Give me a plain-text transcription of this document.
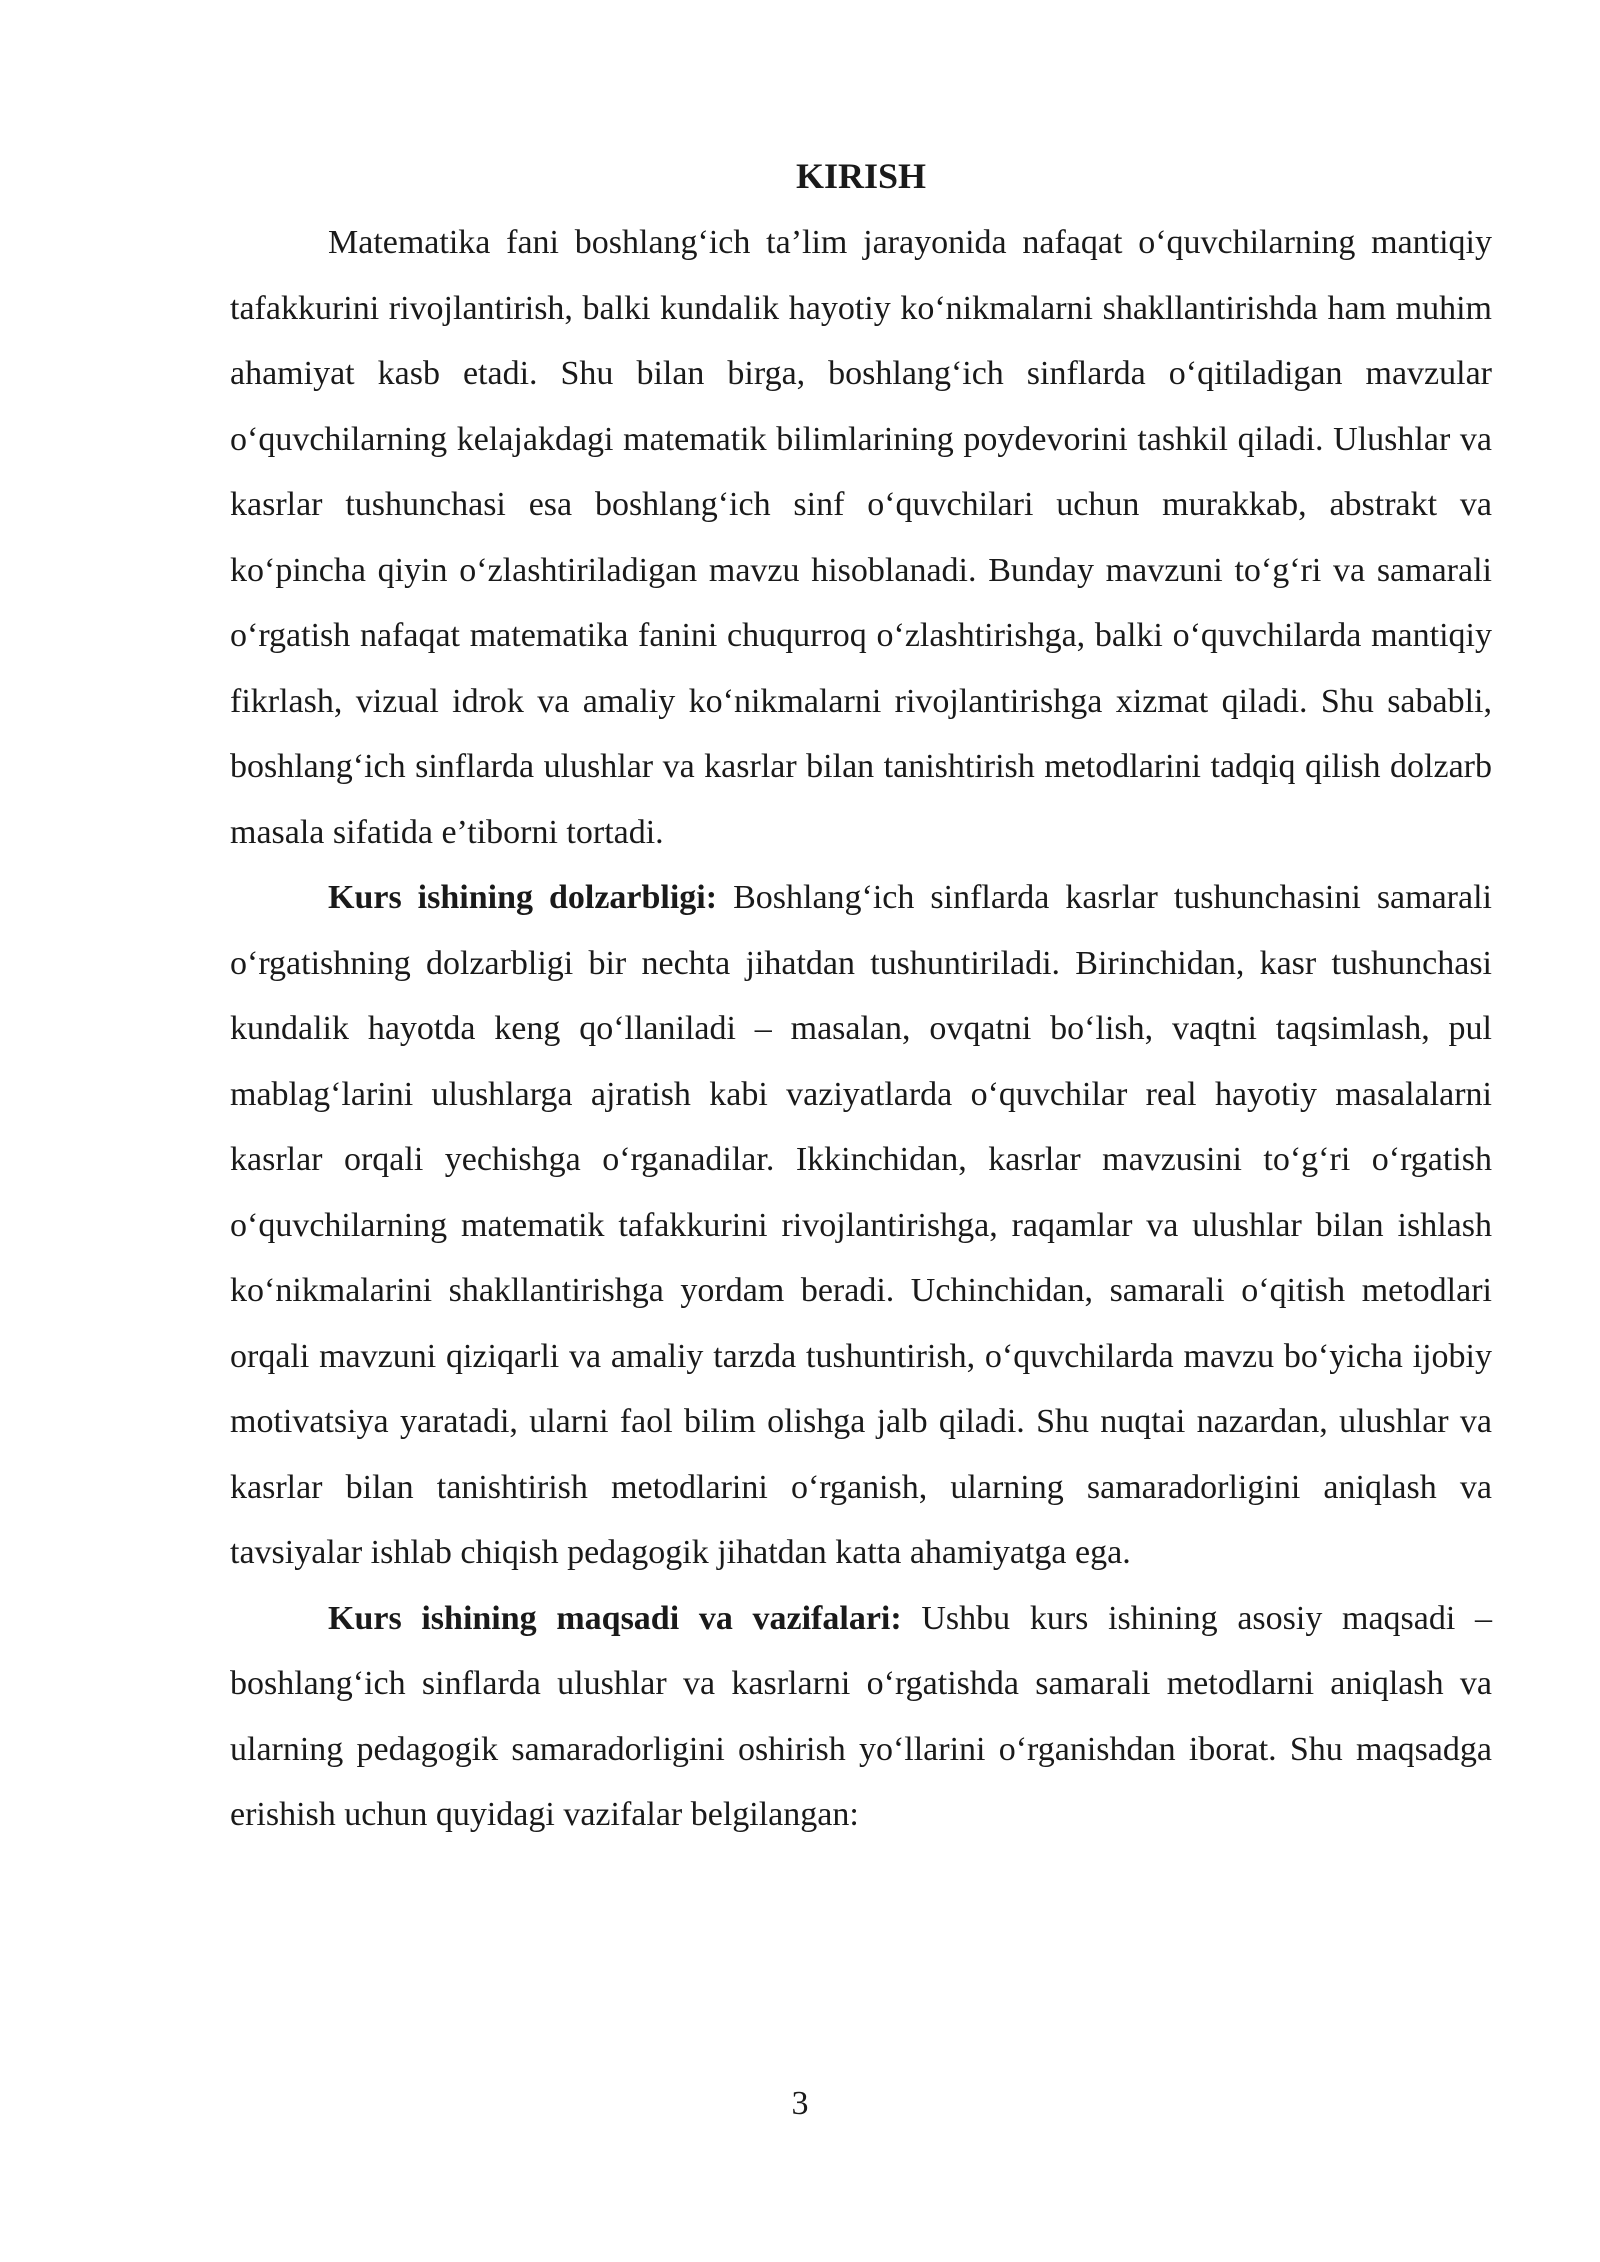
KIRISH

Matematika fani boshlang‘ich ta’lim jarayonida nafaqat o‘quvchilarning mantiqiy tafakkurini rivojlantirish, balki kundalik hayotiy ko‘nikmalarni shakllantirishda ham muhim ahamiyat kasb etadi. Shu bilan birga, boshlang‘ich sinflarda o‘qitiladigan mavzular o‘quvchilarning kelajakdagi matematik bilimlarining poydevorini tashkil qiladi. Ulushlar va kasrlar tushunchasi esa boshlang‘ich sinf o‘quvchilari uchun murakkab, abstrakt va ko‘pincha qiyin o‘zlashtiriladigan mavzu hisoblanadi. Bunday mavzuni to‘g‘ri va samarali o‘rgatish nafaqat matematika fanini chuqurroq o‘zlashtirishga, balki o‘quvchilarda mantiqiy fikrlash, vizual idrok va amaliy ko‘nikmalarni rivojlantirishga xizmat qiladi. Shu sababli, boshlang‘ich sinflarda ulushlar va kasrlar bilan tanishtirish metodlarini tadqiq qilish dolzarb masala sifatida e’tiborni tortadi.

Kurs ishining dolzarbligi: Boshlang‘ich sinflarda kasrlar tushunchasini samarali o‘rgatishning dolzarbligi bir nechta jihatdan tushuntiriladi. Birinchidan, kasr tushunchasi kundalik hayotda keng qo‘llaniladi – masalan, ovqatni bo‘lish, vaqtni taqsimlash, pul mablag‘larini ulushlarga ajratish kabi vaziyatlarda o‘quvchilar real hayotiy masalalarni kasrlar orqali yechishga o‘rganadilar. Ikkinchidan, kasrlar mavzusini to‘g‘ri o‘rgatish o‘quvchilarning matematik tafakkurini rivojlantirishga, raqamlar va ulushlar bilan ishlash ko‘nikmalarini shakllantirishga yordam beradi. Uchinchidan, samarali o‘qitish metodlari orqali mavzuni qiziqarli va amaliy tarzda tushuntirish, o‘quvchilarda mavzu bo‘yicha ijobiy motivatsiya yaratadi, ularni faol bilim olishga jalb qiladi. Shu nuqtai nazardan, ulushlar va kasrlar bilan tanishtirish metodlarini o‘rganish, ularning samaradorligini aniqlash va tavsiyalar ishlab chiqish pedagogik jihatdan katta ahamiyatga ega.

Kurs ishining maqsadi va vazifalari: Ushbu kurs ishining asosiy maqsadi – boshlang‘ich sinflarda ulushlar va kasrlarni o‘rgatishda samarali metodlarni aniqlash va ularning pedagogik samaradorligini oshirish yo‘llarini o‘rganishdan iborat. Shu maqsadga erishish uchun quyidagi vazifalar belgilangan:

3
